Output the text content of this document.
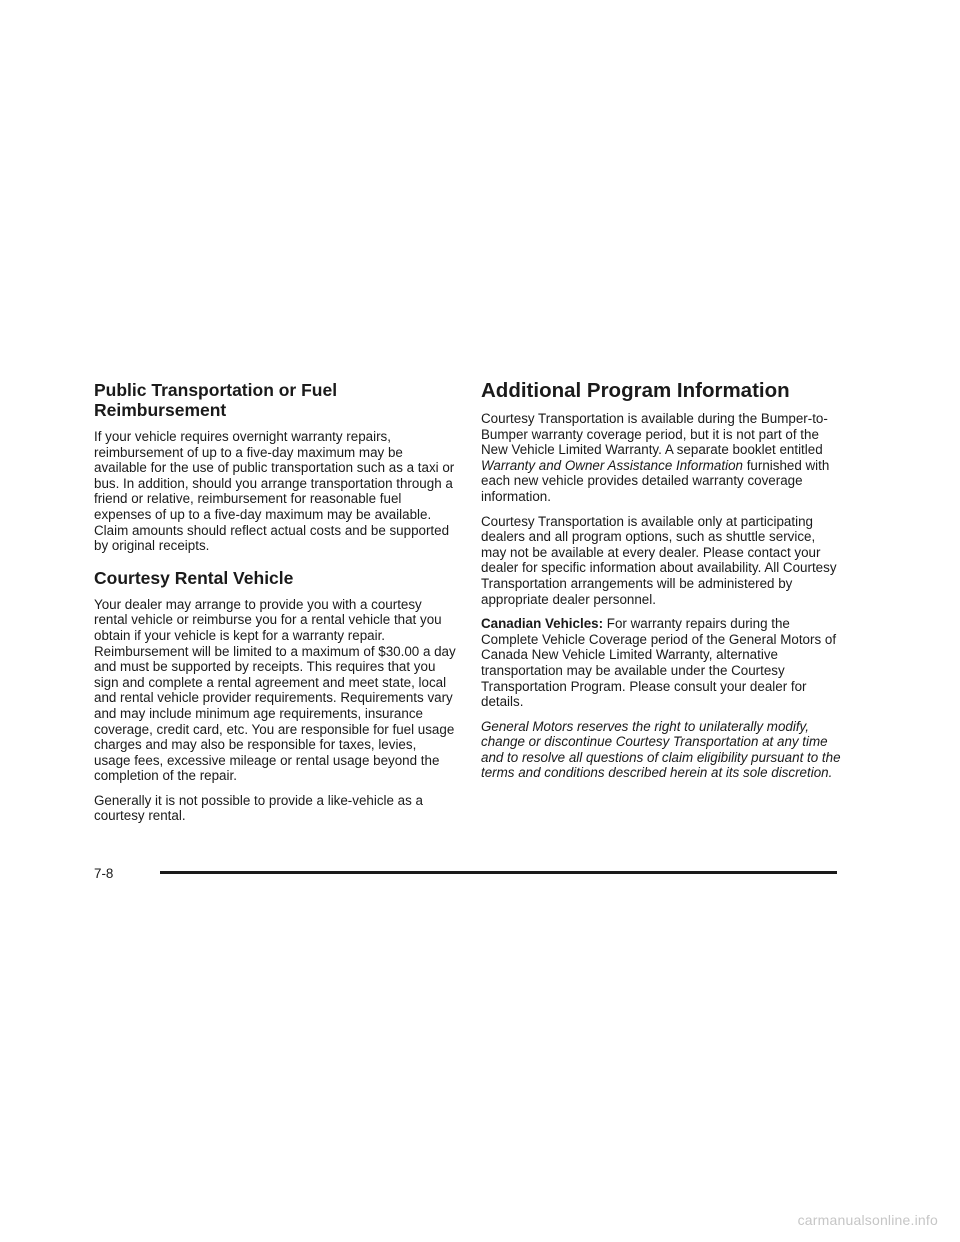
Public Transportation or Fuel Reimbursement

If your vehicle requires overnight warranty repairs, reimbursement of up to a five-day maximum may be available for the use of public transportation such as a taxi or bus. In addition, should you arrange transportation through a friend or relative, reimbursement for reasonable fuel expenses of up to a five-day maximum may be available. Claim amounts should reflect actual costs and be supported by original receipts.

Courtesy Rental Vehicle

Your dealer may arrange to provide you with a courtesy rental vehicle or reimburse you for a rental vehicle that you obtain if your vehicle is kept for a warranty repair. Reimbursement will be limited to a maximum of $30.00 a day and must be supported by receipts. This requires that you sign and complete a rental agreement and meet state, local and rental vehicle provider requirements. Requirements vary and may include minimum age requirements, insurance coverage, credit card, etc. You are responsible for fuel usage charges and may also be responsible for taxes, levies, usage fees, excessive mileage or rental usage beyond the completion of the repair.

Generally it is not possible to provide a like-vehicle as a courtesy rental.

Additional Program Information

Courtesy Transportation is available during the Bumper-to-Bumper warranty coverage period, but it is not part of the New Vehicle Limited Warranty. A separate booklet entitled Warranty and Owner Assistance Information furnished with each new vehicle provides detailed warranty coverage information.

Courtesy Transportation is available only at participating dealers and all program options, such as shuttle service, may not be available at every dealer. Please contact your dealer for specific information about availability. All Courtesy Transportation arrangements will be administered by appropriate dealer personnel.

Canadian Vehicles: For warranty repairs during the Complete Vehicle Coverage period of the General Motors of Canada New Vehicle Limited Warranty, alternative transportation may be available under the Courtesy Transportation Program. Please consult your dealer for details.

General Motors reserves the right to unilaterally modify, change or discontinue Courtesy Transportation at any time and to resolve all questions of claim eligibility pursuant to the terms and conditions described herein at its sole discretion.

7-8
carmanualsonline.info
